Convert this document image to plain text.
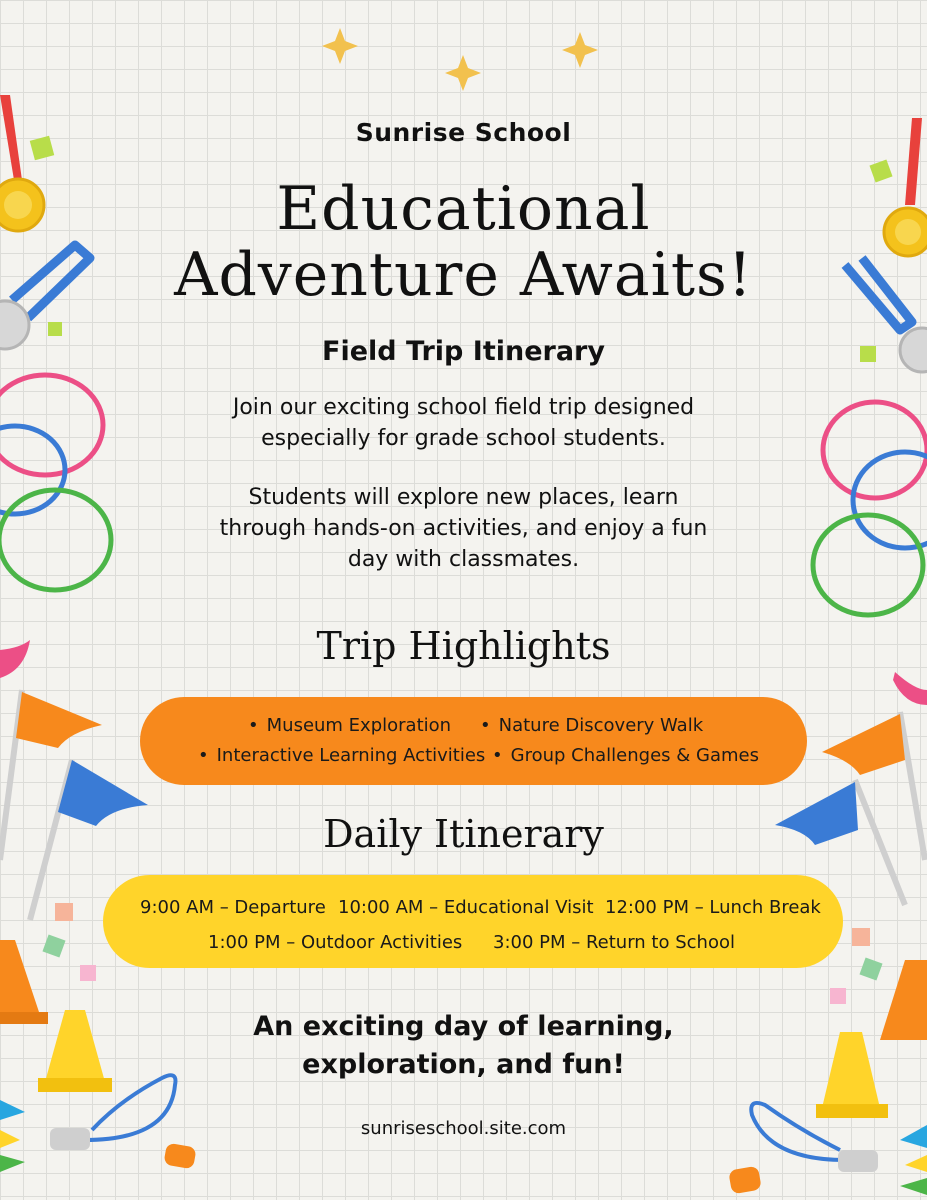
Sunrise School
Educational
Adventure Awaits!
Field Trip Itinerary
Join our exciting school field trip designed
especially for grade school students.
Students will explore new places, learn
through hands-on activities, and enjoy a fun
day with classmates.
Trip Highlights
• Museum Exploration	• Nature Discovery Walk
• Interactive Learning Activities	• Group Challenges & Games
Daily Itinerary
9:00 AM – Departure 10:00 AM – Educational Visit 12:00 PM – Lunch Break
1:00 PM – Outdoor Activities 3:00 PM – Return to School
An exciting day of learning,
exploration, and fun!
sunriseschool.site.com
